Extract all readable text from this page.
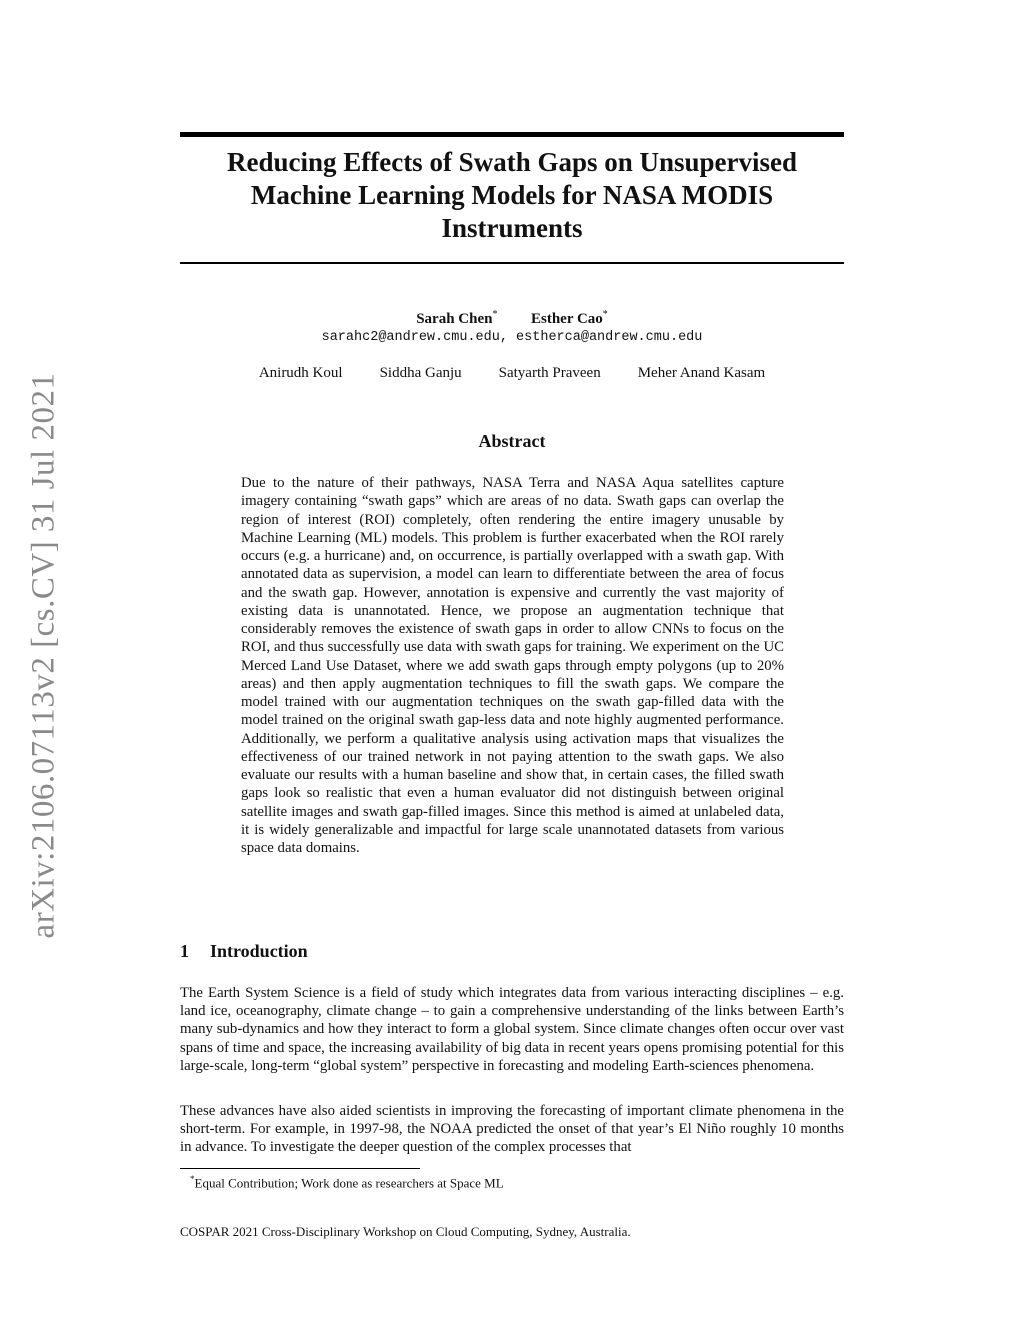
arXiv:2106.07113v2 [cs.CV] 31 Jul 2021
Reducing Effects of Swath Gaps on Unsupervised
Machine Learning Models for NASA MODIS
Instruments
Sarah Chen* Esther Cao*
sarahc2@andrew.cmu.edu, estherca@andrew.cmu.edu
Anirudh Koul Siddha Ganju Satyarth Praveen Meher Anand Kasam
Abstract

Due to the nature of their pathways, NASA Terra and NASA Aqua satellites capture imagery containing “swath gaps” which are areas of no data. Swath gaps can overlap the region of interest (ROI) completely, often rendering the entire imagery unusable by Machine Learning (ML) models. This problem is further exacerbated when the ROI rarely occurs (e.g. a hurricane) and, on occurrence, is partially overlapped with a swath gap. With annotated data as supervision, a model can learn to differentiate between the area of focus and the swath gap. However, annotation is expensive and currently the vast majority of existing data is unannotated. Hence, we propose an augmentation technique that considerably removes the existence of swath gaps in order to allow CNNs to focus on the ROI, and thus successfully use data with swath gaps for training. We experiment on the UC Merced Land Use Dataset, where we add swath gaps through empty polygons (up to 20% areas) and then apply augmentation techniques to fill the swath gaps. We compare the model trained with our augmentation techniques on the swath gap-filled data with the model trained on the original swath gap-less data and note highly augmented performance. Additionally, we perform a qualitative analysis using activation maps that visualizes the effectiveness of our trained network in not paying attention to the swath gaps. We also evaluate our results with a human baseline and show that, in certain cases, the filled swath gaps look so realistic that even a human evaluator did not distinguish between original satellite images and swath gap-filled images. Since this method is aimed at unlabeled data, it is widely generalizable and impactful for large scale unannotated datasets from various space data domains.

1 Introduction

The Earth System Science is a field of study which integrates data from various interacting disciplines – e.g. land ice, oceanography, climate change – to gain a comprehensive understanding of the links between Earth’s many sub-dynamics and how they interact to form a global system. Since climate changes often occur over vast spans of time and space, the increasing availability of big data in recent years opens promising potential for this large-scale, long-term “global system” perspective in forecasting and modeling Earth-sciences phenomena.

These advances have also aided scientists in improving the forecasting of important climate phenomena in the short-term. For example, in 1997-98, the NOAA predicted the onset of that year’s El Niño roughly 10 months in advance. To investigate the deeper question of the complex processes that

*Equal Contribution; Work done as researchers at Space ML
COSPAR 2021 Cross-Disciplinary Workshop on Cloud Computing, Sydney, Australia.
